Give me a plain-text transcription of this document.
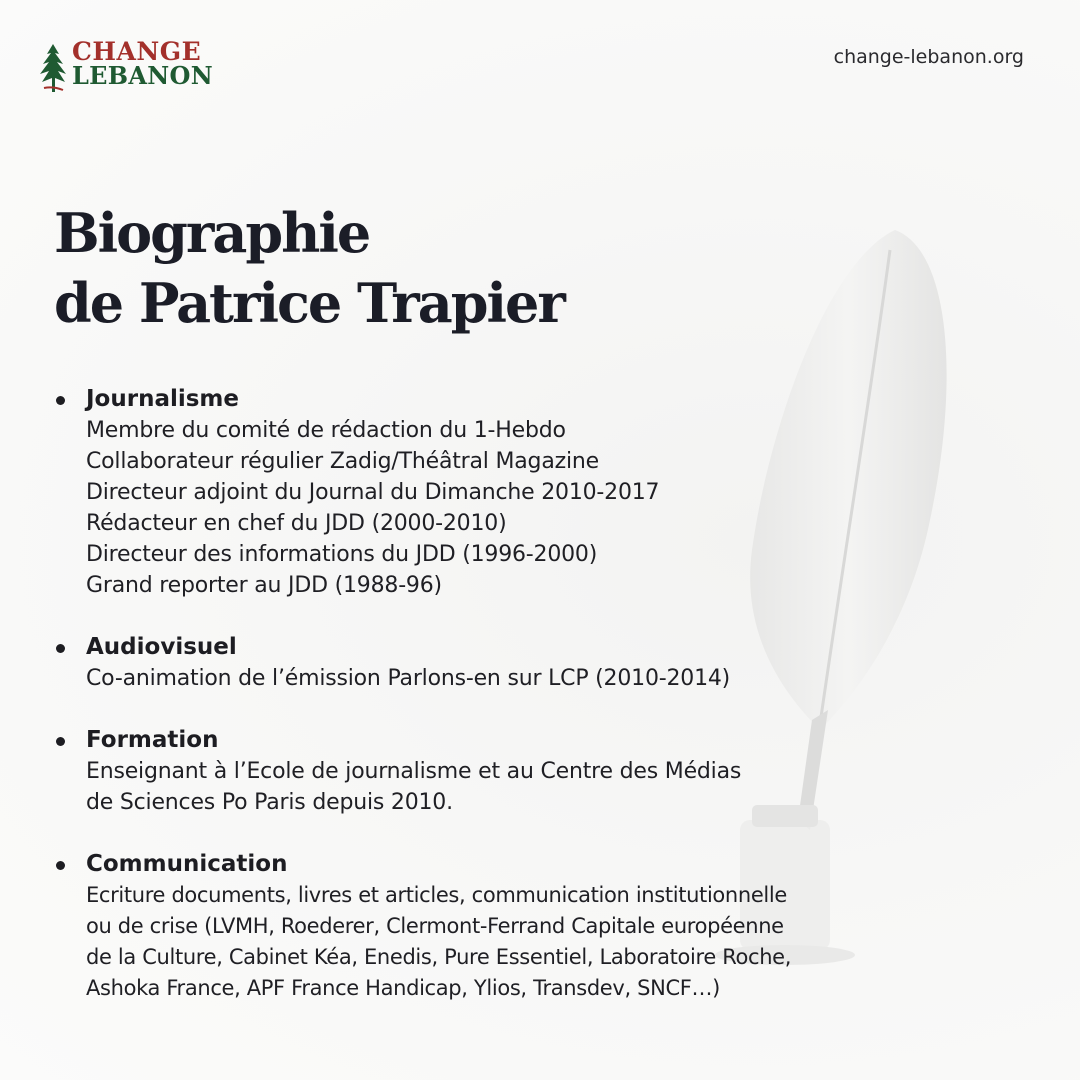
CHANGE
LEBANON
change-lebanon.org
Biographie
de Patrice Trapier
Journalisme
Membre du comité de rédaction du 1-Hebdo
Collaborateur régulier Zadig/Théâtral Magazine
Directeur adjoint du Journal du Dimanche 2010-2017
Rédacteur en chef du JDD (2000-2010)
Directeur des informations du JDD (1996-2000)
Grand reporter au JDD (1988-96)
Audiovisuel
Co-animation de l’émission Parlons-en sur LCP (2010-2014)
Formation
Enseignant à l’Ecole de journalisme et au Centre des Médias
de Sciences Po Paris depuis 2010.
Communication
Ecriture documents, livres et articles, communication institutionnelle
ou de crise (LVMH, Roederer, Clermont-Ferrand Capitale européenne
de la Culture, Cabinet Kéa, Enedis, Pure Essentiel, Laboratoire Roche,
Ashoka France, APF France Handicap, Ylios, Transdev, SNCF…)
